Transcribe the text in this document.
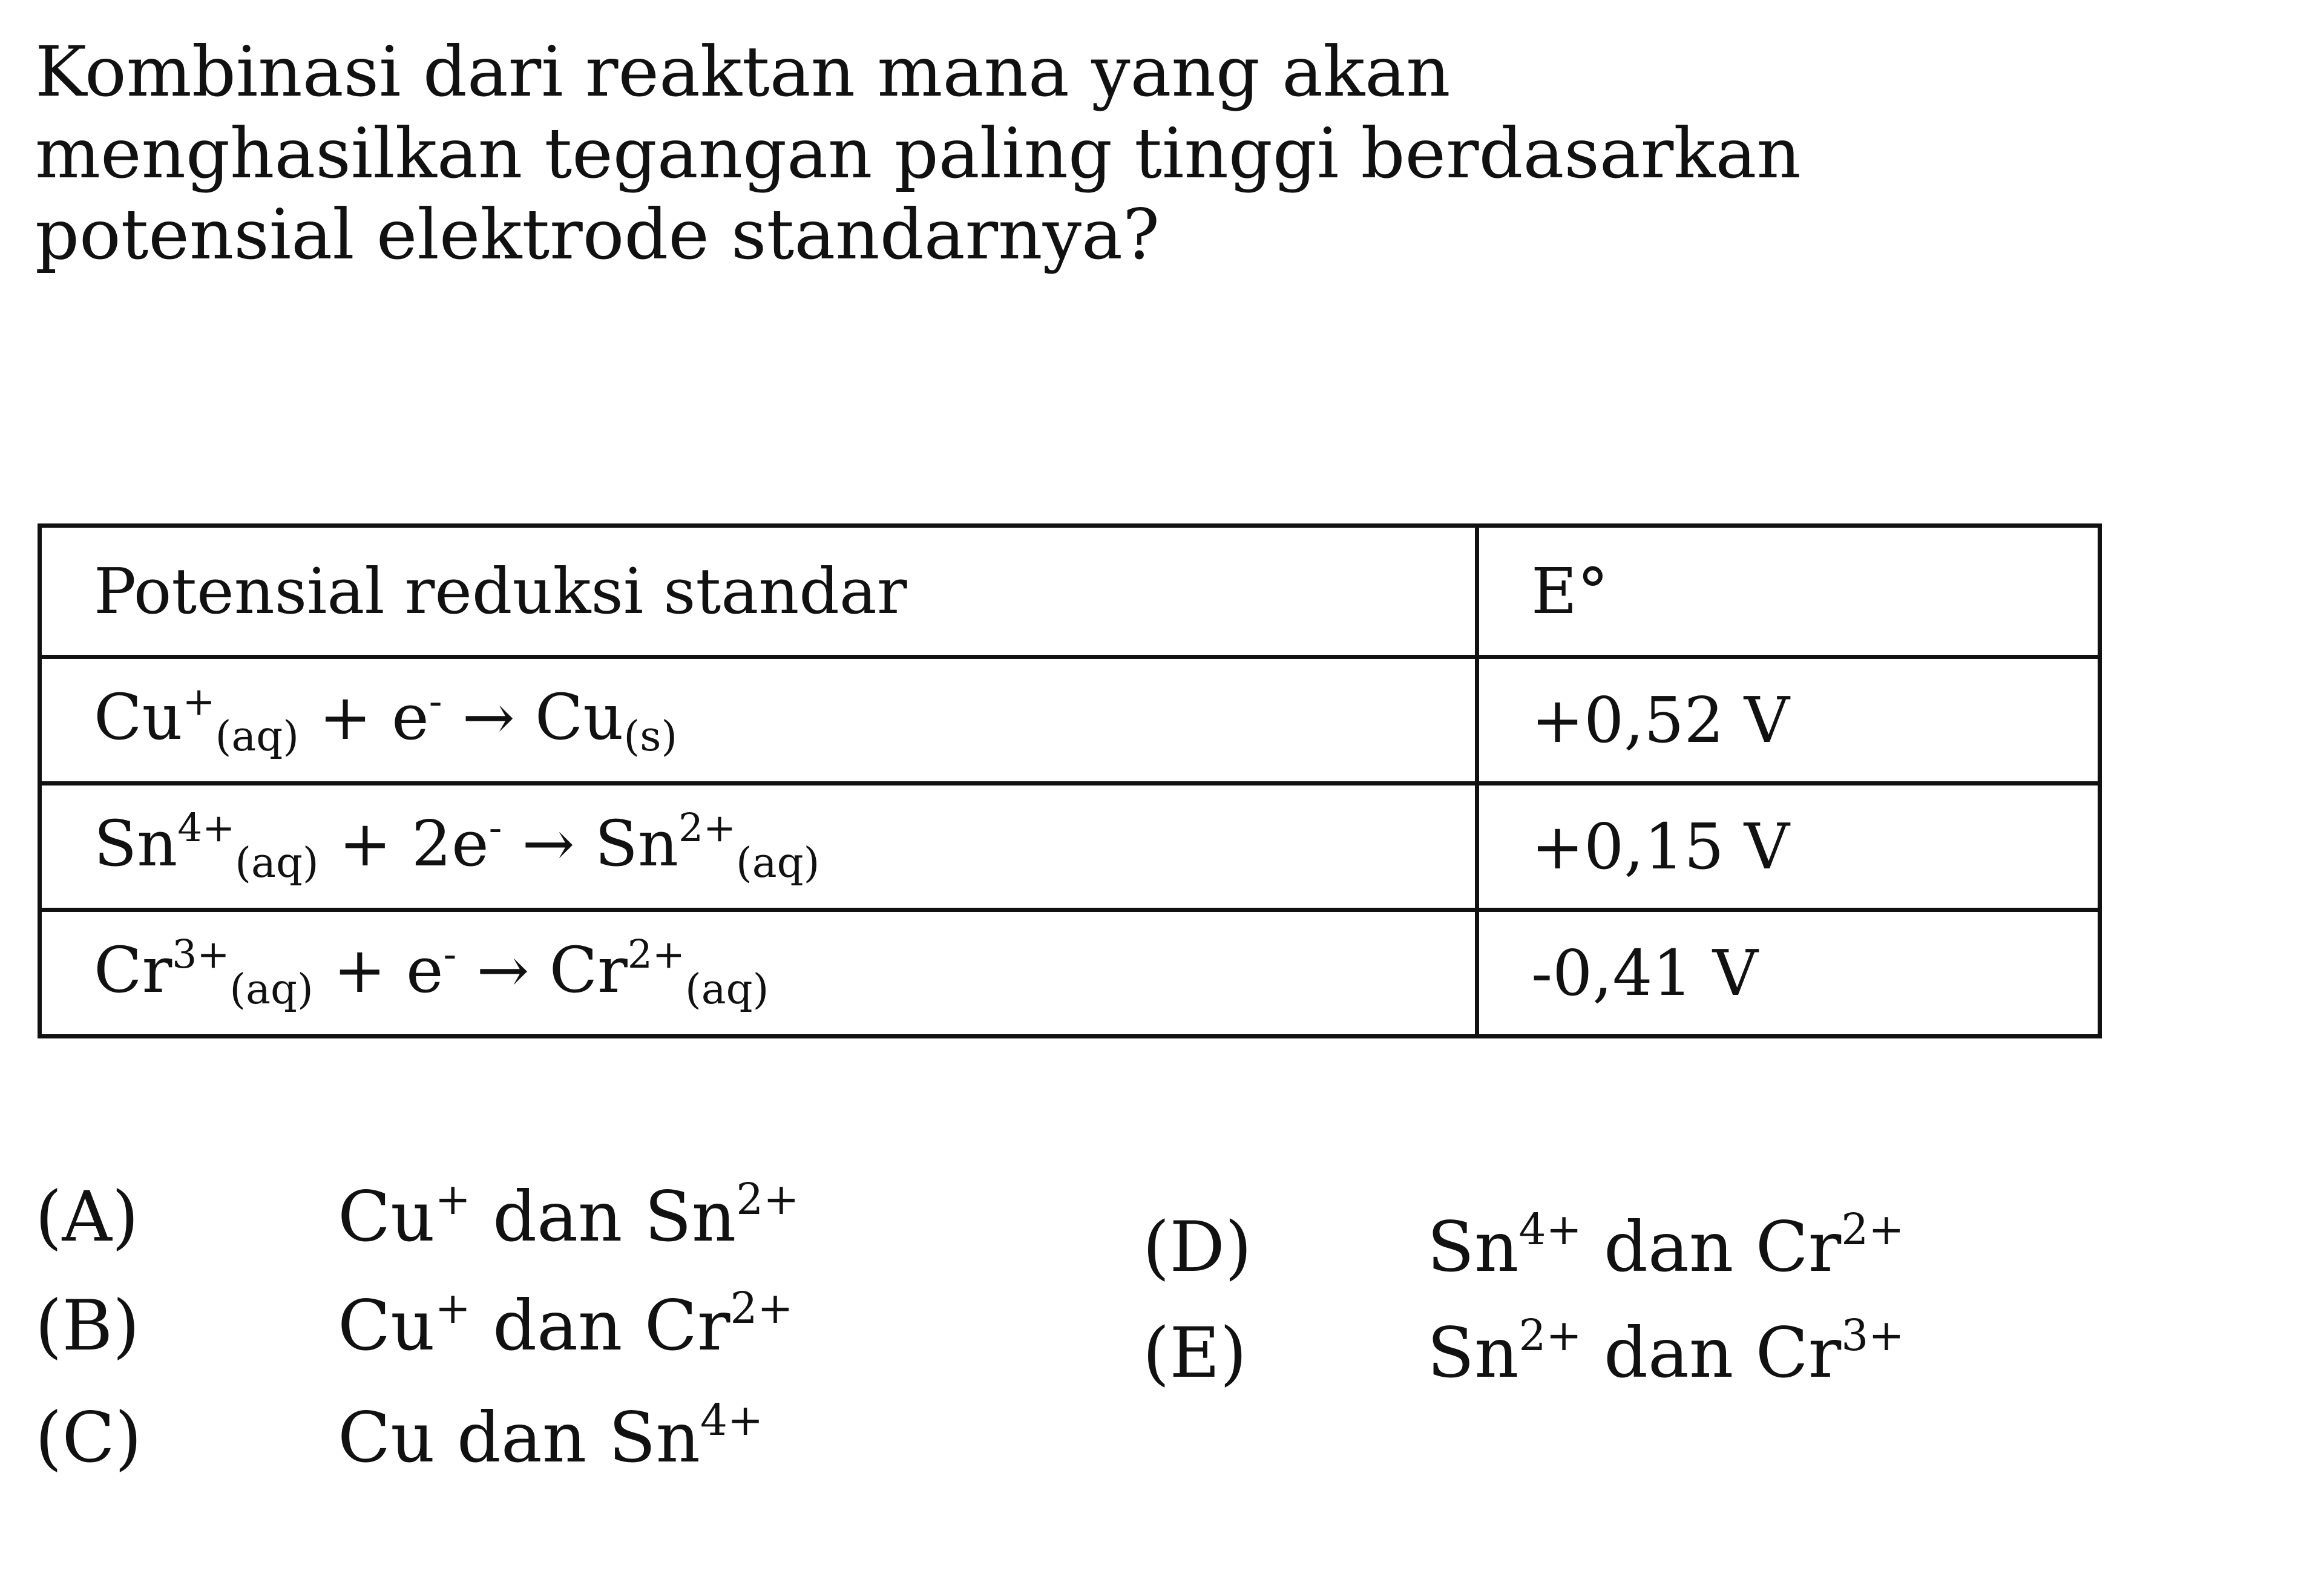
Kombinasi dari reaktan mana yang akan

menghasilkan tegangan paling tinggi berdasarkan

potensial elektrode standarnya?

Potensial reduksi standar	E°
$Cu^+_{(aq)} + e^- \to Cu_{(s)}$	+0,52 V
$Sn^{4+}_{(aq)} + 2e^- \to Sn^{2+}_{(aq)}$	+0,15 V
$Cr^{3+}_{(aq)} + e^- \to Cr^{2+}_{(aq)}$	-0,41 V
(A)	Cu+ dan $Sn^{2+}$
(B)	Cu+ dan $Cr^{2+}$
(C)	Cu dan $Sn^{4+}$
(D)	$Sn^{4+}$ dan $Cr^{2+}$
(E)	$Sn^{2+}$ dan $Cr^{3+}$
